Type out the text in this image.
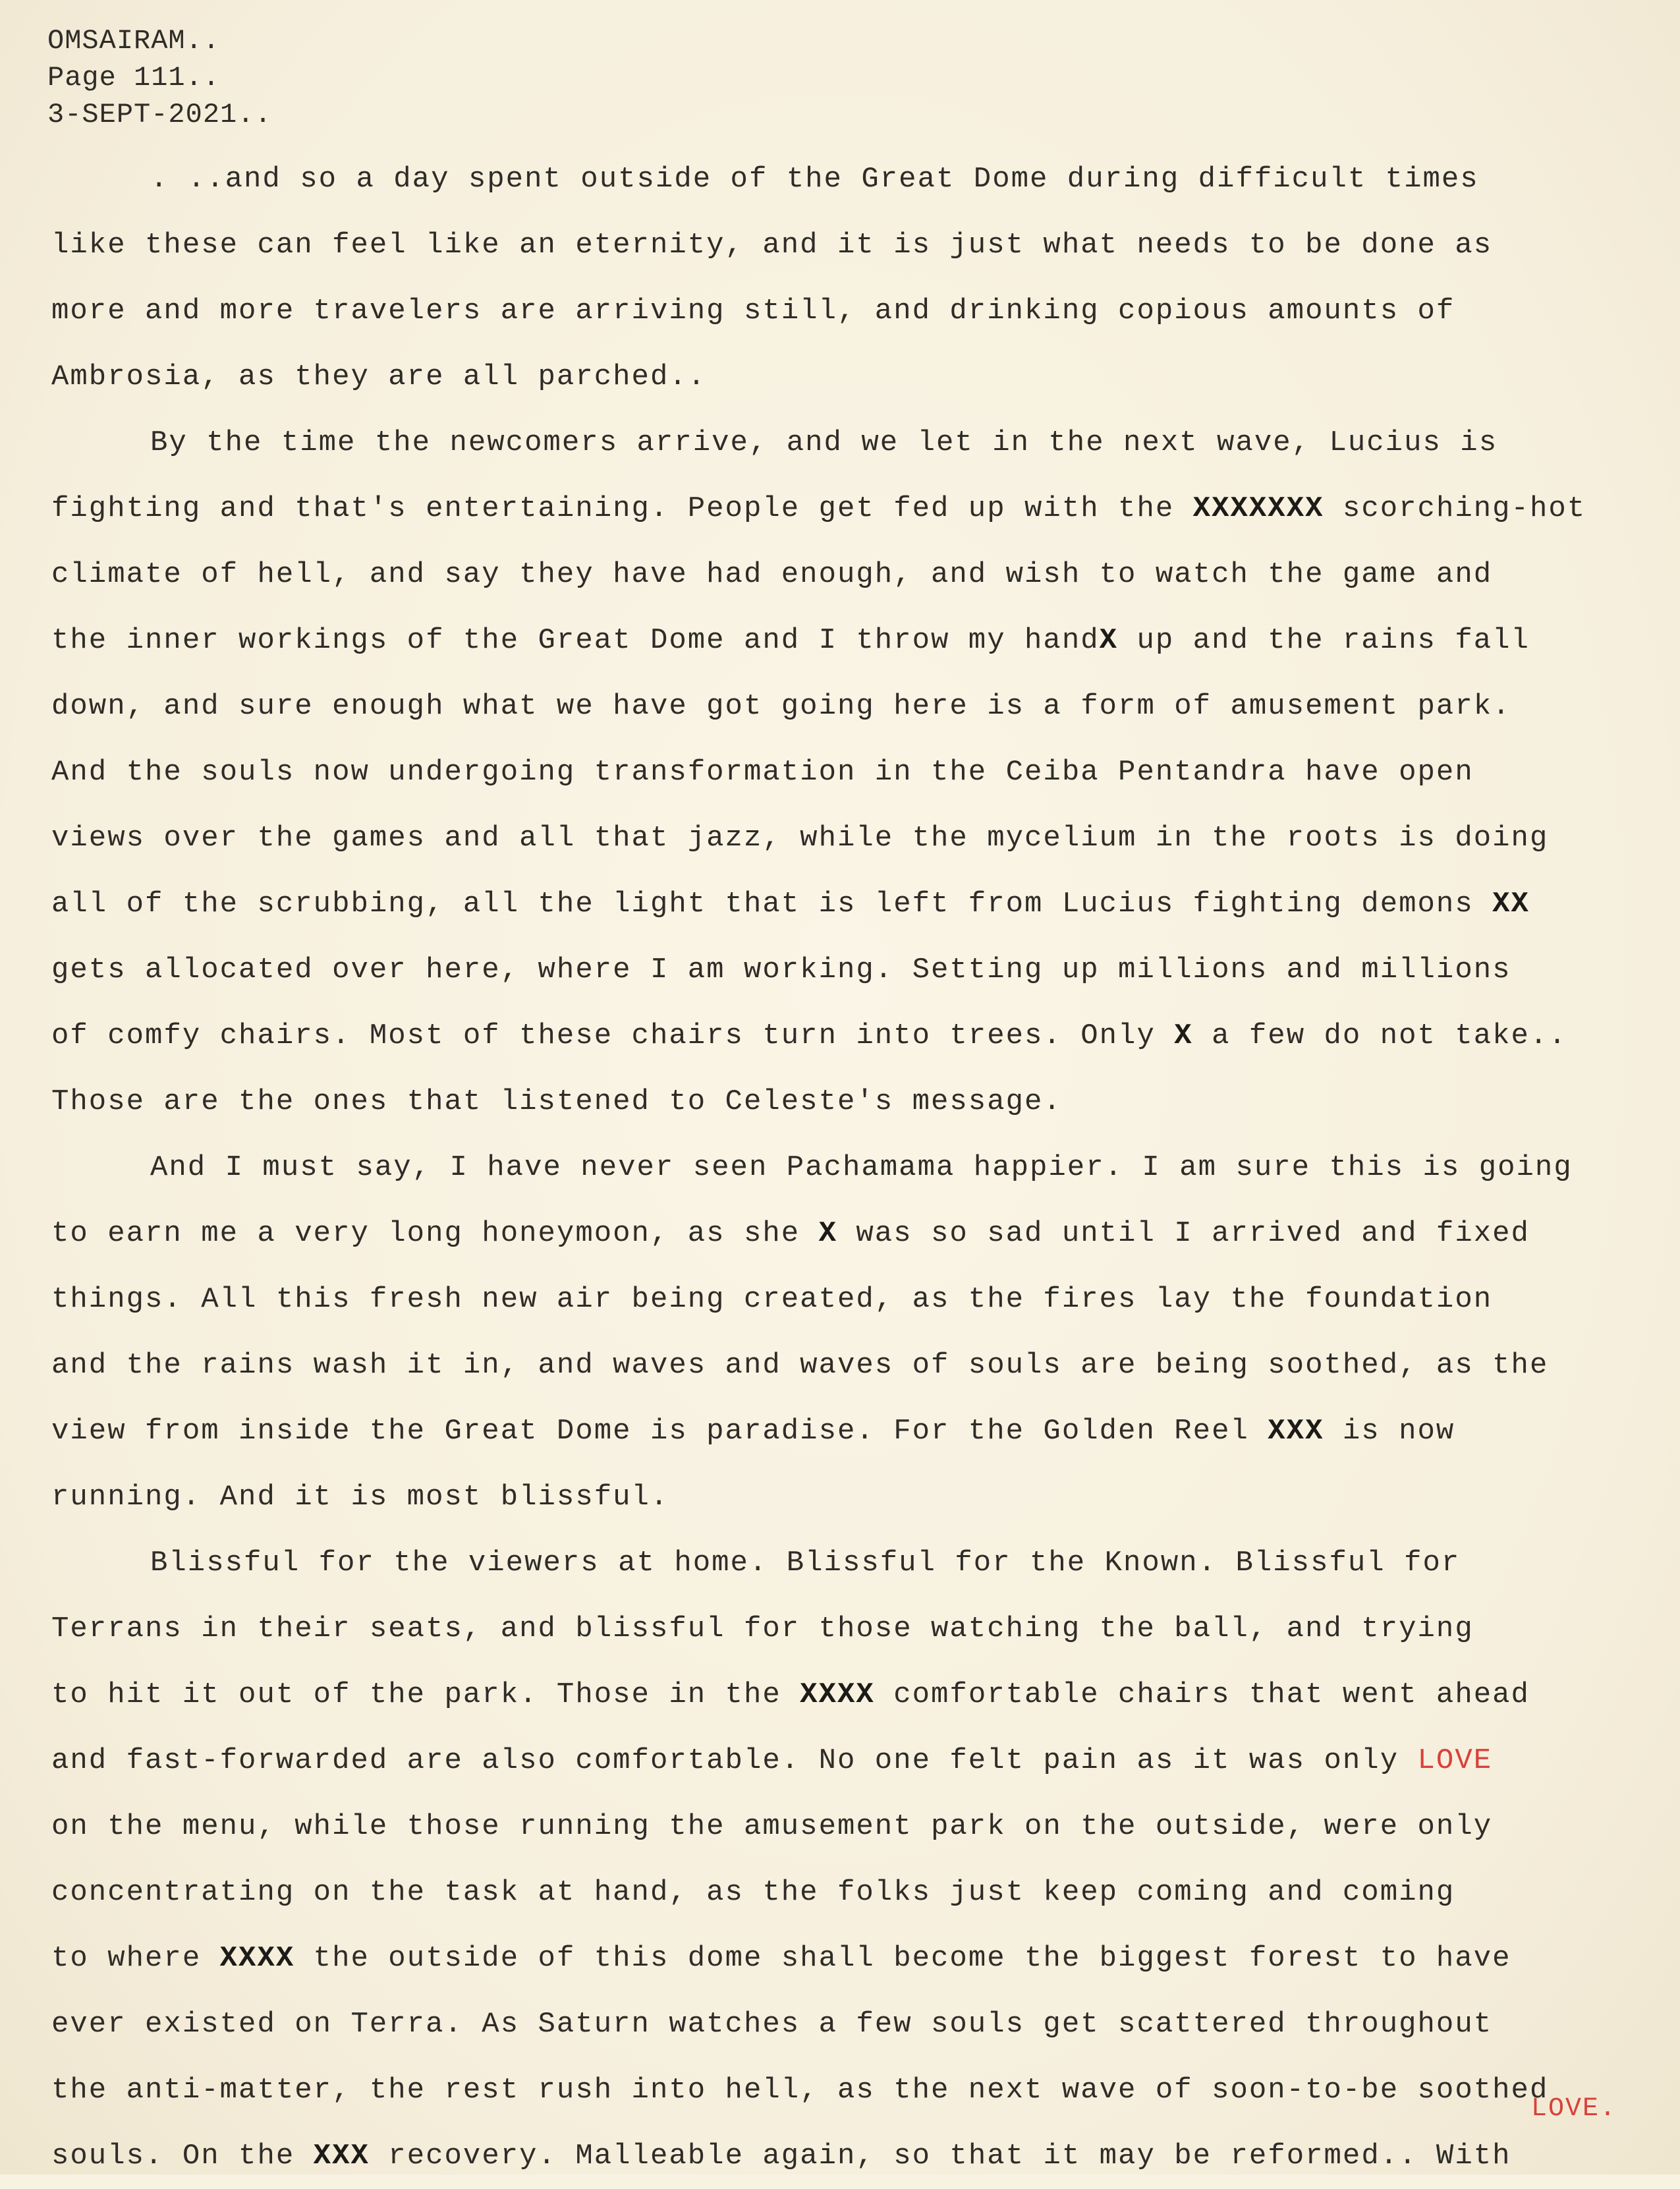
OMSAIRAM..
Page 111..
3-SEPT-2021..
. ..and so a day spent outside of the Great Dome during difficult times
like these can feel like an eternity, and it is just what needs to be done as
more and more travelers are arriving still, and drinking copious amounts of
Ambrosia, as they are all parched..
By the time the newcomers arrive, and we let in the next wave, Lucius is
fighting and that's entertaining. People get fed up with the XXXXXXX scorching-hot
climate of hell, and say they have had enough, and wish to watch the game and
the inner workings of the Great Dome and I throw my handX up and the rains fall
down, and sure enough what we have got going here is a form of amusement park.
And the souls now undergoing transformation in the Ceiba Pentandra have open
views over the games and all that jazz, while the mycelium in the roots is doing
all of the scrubbing, all the light that is left from Lucius fighting demons XX
gets allocated over here, where I am working. Setting up millions and millions
of comfy chairs. Most of these chairs turn into trees. Only X a few do not take..
Those are the ones that listened to Celeste's message.
And I must say, I have never seen Pachamama happier. I am sure this is going
to earn me a very long honeymoon, as she X was so sad until I arrived and fixed
things. All this fresh new air being created, as the fires lay the foundation
and the rains wash it in, and waves and waves of souls are being soothed, as the
view from inside the Great Dome is paradise. For the Golden Reel XXX is now
running. And it is most blissful.
Blissful for the viewers at home. Blissful for the Known. Blissful for
Terrans in their seats, and blissful for those watching the ball, and trying
to hit it out of the park. Those in the XXXX comfortable chairs that went ahead
and fast-forwarded are also comfortable. No one felt pain as it was only LOVE
on the menu, while those running the amusement park on the outside, were only
concentrating on the task at hand, as the folks just keep coming and coming
to where XXXX the outside of this dome shall become the biggest forest to have
ever existed on Terra. As Saturn watches a few souls get scattered throughout
the anti-matter, the rest rush into hell, as the next wave of soon-to-be soothed
souls. On the XXX recovery. Malleable again, so that it may be reformed.. With
LOVE.
